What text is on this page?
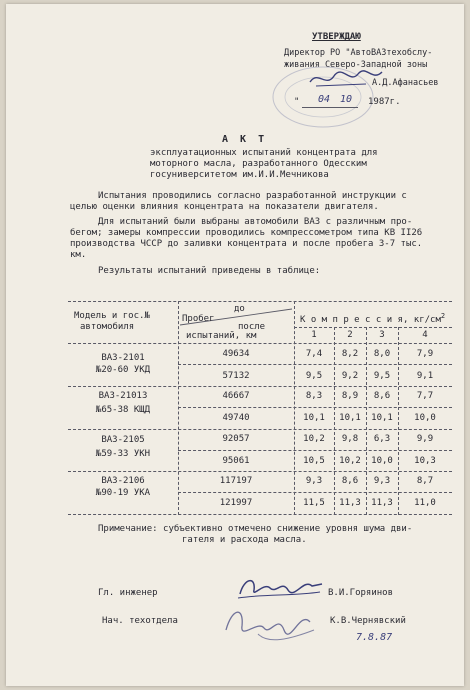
УТВЕРЖДАЮ
Директор РО "АвтоВАЗтехобслу-
живания Северо-Западной зоны
А.Д.Афанасьев
" 04 10 1987г.
А К Т
эксплуатационных испытаний концентрата для
моторного масла, разработанного Одесским
госуниверситетом им.И.И.Мечникова
Испытания проводились согласно разработанной инструкции с
целью оценки влияния концентрата на показатели двигателя.
Для испытаний были выбраны автомобили ВАЗ с различным про-
бегом; замеры компрессии проводились компрессометром типа КВ II26
производства ЧССР до заливки концентрата и после пробега 3-7 тыс.
км.
Результаты испытаний приведены в таблице:
Модель и гос.№
автомобиля
Пробег
до
после
испытаний, км
К о м п р е с с и я, $кг/см^2$
1	2	3	4
ВАЗ-2101
№20-60 УКД
49634	7,4	8,2	8,0	7,9
57132	9,5	9,2	9,5	9,1
ВАЗ-21013
№65-38 КЩД
46667	8,3	8,9	8,6	7,7
49740	10,1	10,1	10,1	10,0
ВАЗ-2105
№59-33 УКН
92057	10,2	9,8	6,3	9,9
95061	10,5	10,2	10,0	10,3
ВАЗ-2106
№90-19 УКА
117197	9,3	8,6	9,3	8,7
121997	11,5	11,3	11,3	11,0
Примечание: субъективно отмечено снижение уровня шума дви-
гателя и расхода масла.
Гл. инженер	В.И.Горяинов
Нач. техотдела	К.В.Чернявский
7.8.87
